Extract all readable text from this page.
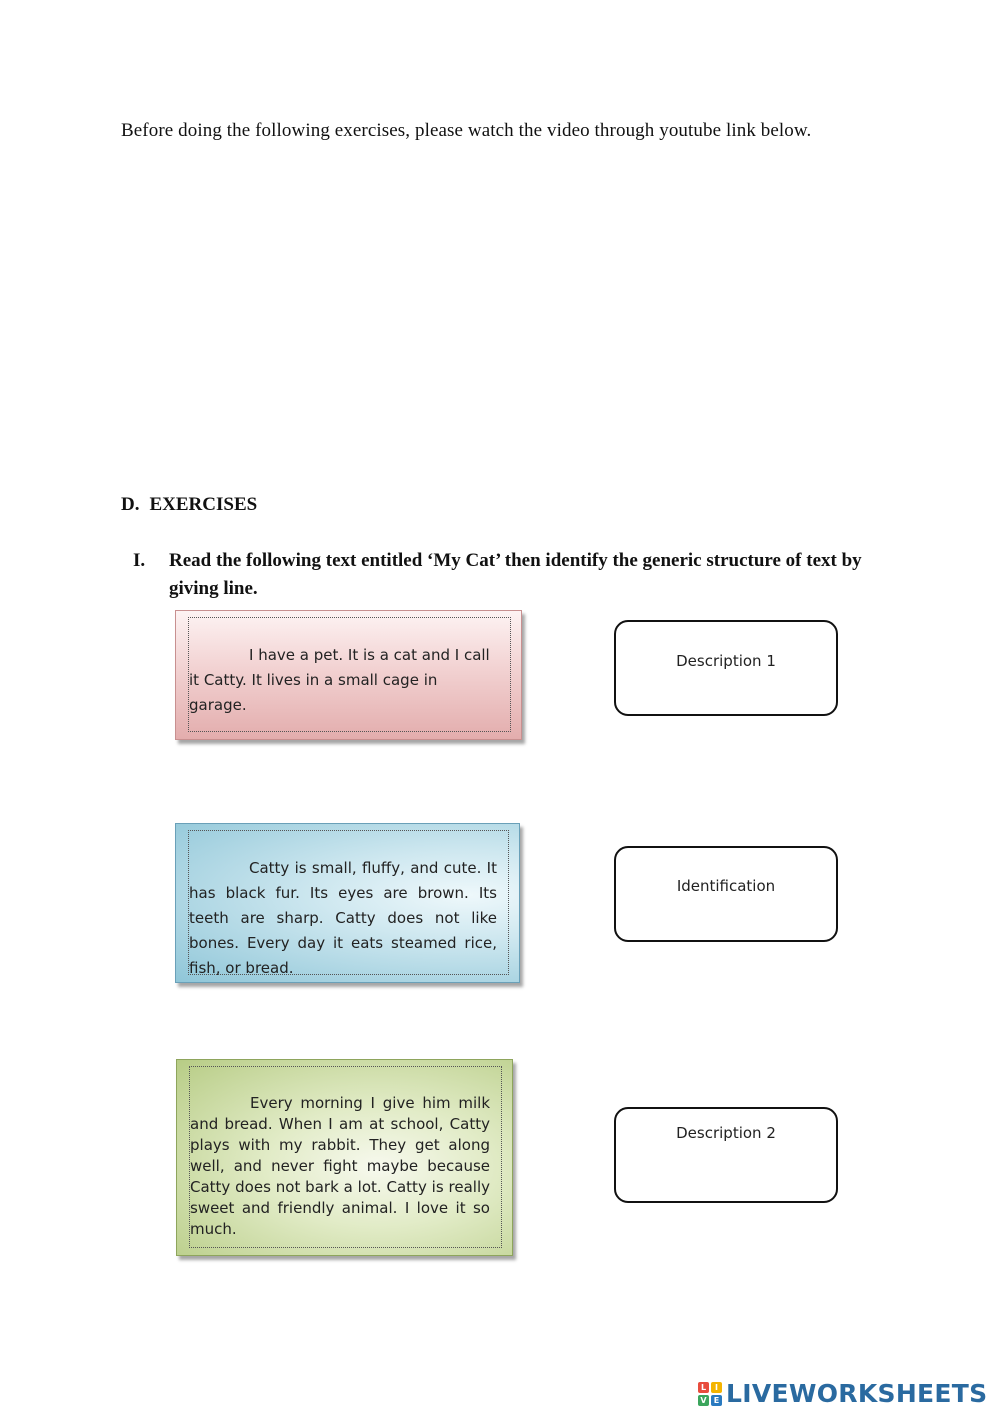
Before doing the following exercises, please watch the video through youtube link below.
D. EXERCISES
I. Read the following text entitled ‘My Cat’ then identify the generic structure of text by giving line.
I have a pet. It is a cat and I call it Catty. It lives in a small cage in garage.
Catty is small, fluffy, and cute. It has black fur. Its eyes are brown. Its teeth are sharp. Catty does not like bones. Every day it eats steamed rice, fish, or bread.
Every morning I give him milk and bread. When I am at school, Catty plays with my rabbit. They get along well, and never fight maybe because Catty does not bark a lot. Catty is really sweet and friendly animal. I love it so much.
Description 1
Identification
Description 2
L	I
V E LIVEWORKSHEETS
